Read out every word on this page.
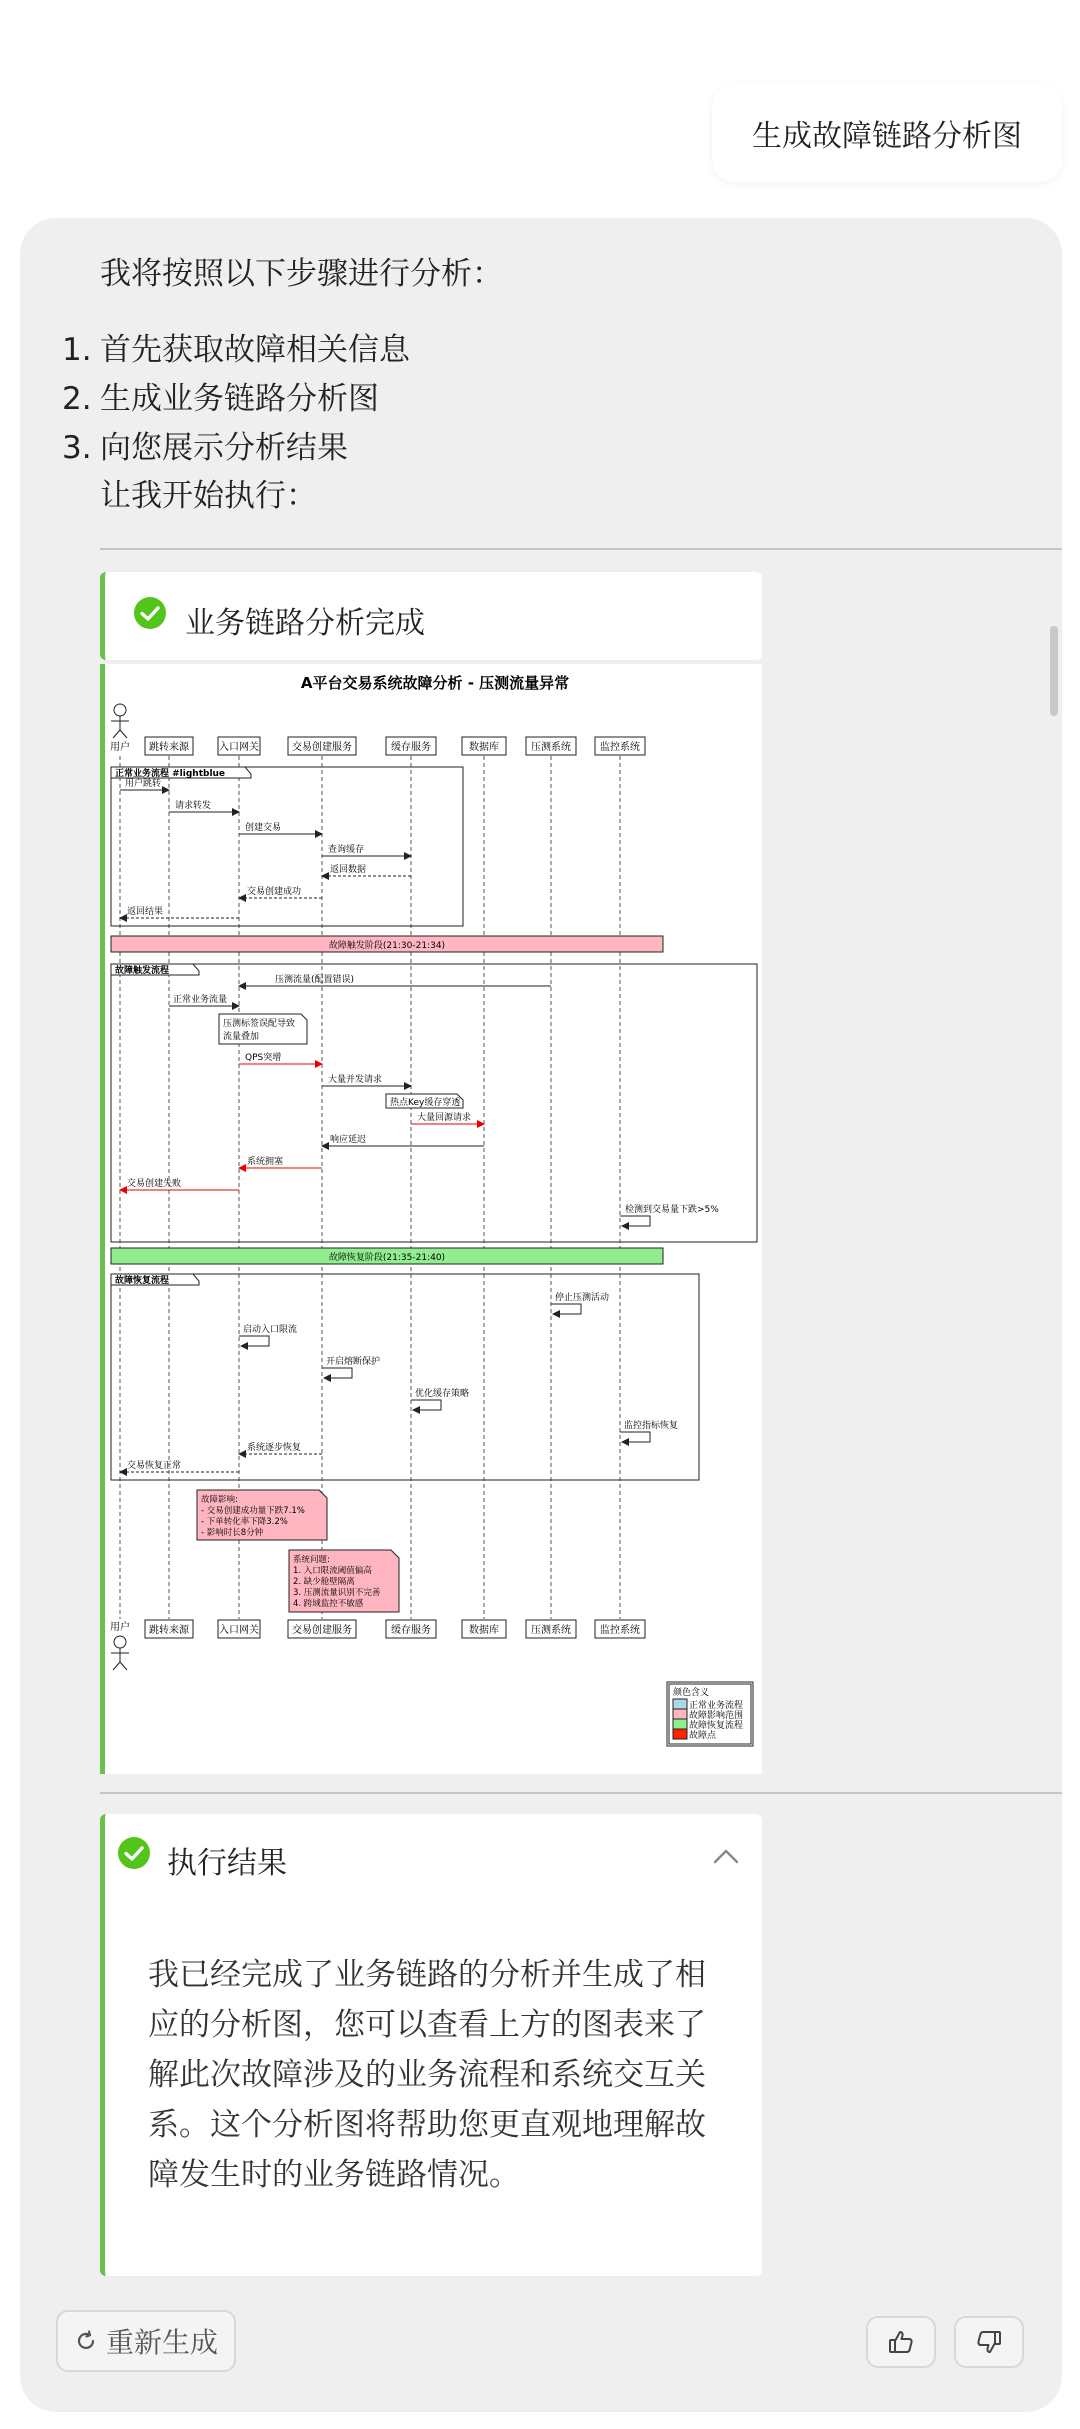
生成故障链路分析图
我将按照以下步骤进行分析：
1. 首先获取故障相关信息
2. 生成业务链路分析图
3. 向您展示分析结果
让我开始执行：
业务链路分析完成
A平台交易系统故障分析 - 压测流量异常
用户 跳转来源	入口网关	交易创建服务	缓存服务	数据库	压测系统	监控系统
正常业务流程 #lightblue
用户跳转
请求转发
创建交易
查询缓存
返回数据
交易创建成功
返回结果
故障触发阶段(21:30-21:34)
故障触发流程
压测流量(配置错误)
正常业务流量
压测标签误配导致
流量叠加
QPS突增
大量并发请求
热点Key缓存穿透
大量回源请求
响应延迟
系统拥塞
交易创建失败
检测到交易量下跌>5%
故障恢复阶段(21:35-21:40)
故障恢复流程
停止压测活动
启动入口限流
开启熔断保护
优化缓存策略
监控指标恢复
系统逐步恢复
交易恢复正常
故障影响:
- 交易创建成功量下跌7.1%
- 下单转化率下降3.2%
- 影响时长8分钟
系统问题:
1. 入口限流阈值偏高
2. 缺少舱壁隔离
3. 压测流量识别不完善
4. 跨域监控不敏感
跳转来源	入口网关	交易创建服务	缓存服务	数据库	压测系统	监控系统
用户
颜色含义
正常业务流程
故障影响范围
故障恢复流程
故障点
执行结果
我已经完成了业务链路的分析并生成了相应的分析图，您可以查看上方的图表来了解此次故障涉及的业务流程和系统交互关系。这个分析图将帮助您更直观地理解故障发生时的业务链路情况。
重新生成
